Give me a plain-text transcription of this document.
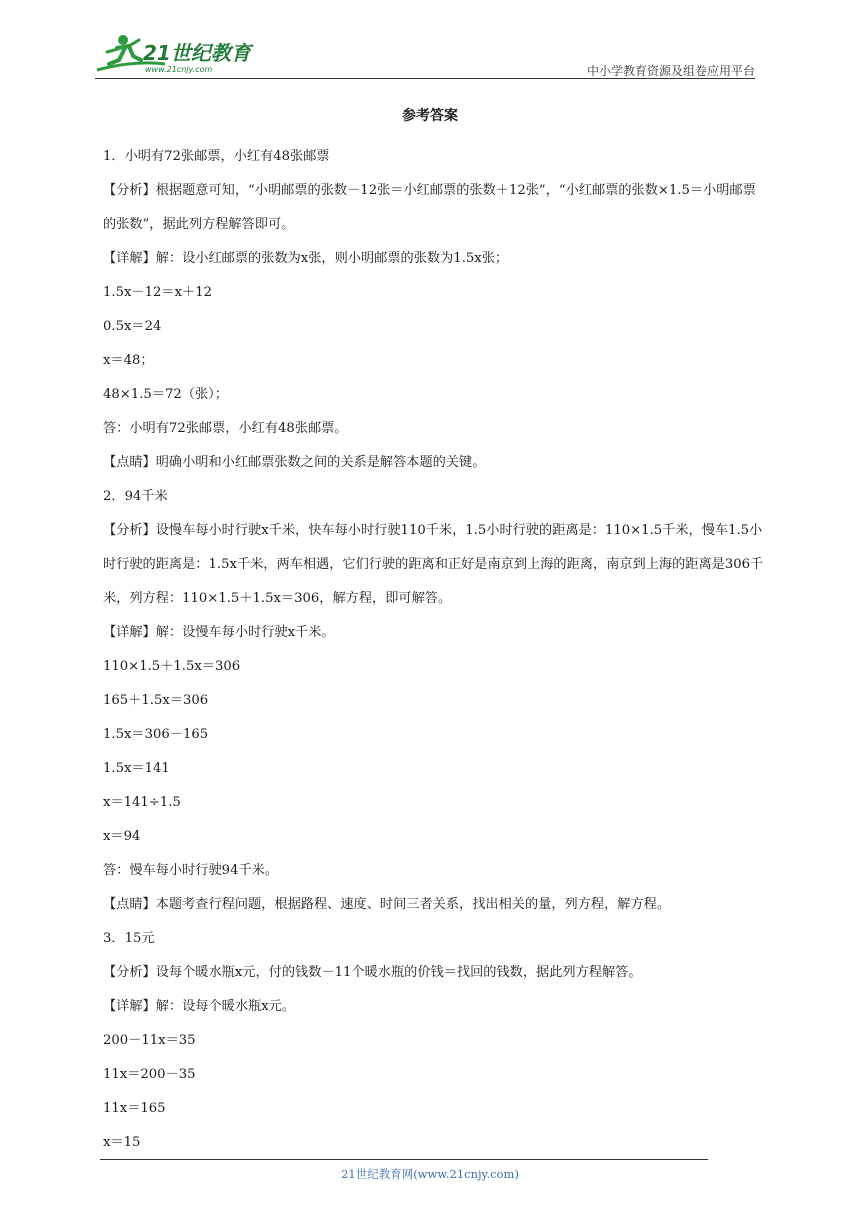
21世纪教育
www.21cnjy.com	中小学教育资源及组卷应用平台
参考答案
1．小明有72张邮票，小红有48张邮票
【分析】根据题意可知，“小明邮票的张数－12张＝小红邮票的张数＋12张”，“小红邮票的张数×1.5＝小明邮票的张数”，据此列方程解答即可。
【详解】解：设小红邮票的张数为x张，则小明邮票的张数为1.5x张；
1.5x－12＝x＋12
0.5x＝24
x＝48；
48×1.5＝72（张）；
答：小明有72张邮票，小红有48张邮票。
【点睛】明确小明和小红邮票张数之间的关系是解答本题的关键。
2．94千米
【分析】设慢车每小时行驶x千米，快车每小时行驶110千米，1.5小时行驶的距离是：110×1.5千米，慢车1.5小时行驶的距离是：1.5x千米，两车相遇，它们行驶的距离和正好是南京到上海的距离，南京到上海的距离是306千米，列方程：110×1.5＋1.5x＝306，解方程，即可解答。
【详解】解：设慢车每小时行驶x千米。
110×1.5＋1.5x＝306
165＋1.5x＝306
1.5x＝306－165
1.5x＝141
x＝141÷1.5
x＝94
答：慢车每小时行驶94千米。
【点睛】本题考查行程问题，根据路程、速度、时间三者关系，找出相关的量，列方程，解方程。
3．15元
【分析】设每个暖水瓶x元，付的钱数－11个暖水瓶的价钱＝找回的钱数，据此列方程解答。
【详解】解：设每个暖水瓶x元。
200－11x＝35
11x＝200－35
11x＝165
x＝15
21世纪教育网(www.21cnjy.com)
